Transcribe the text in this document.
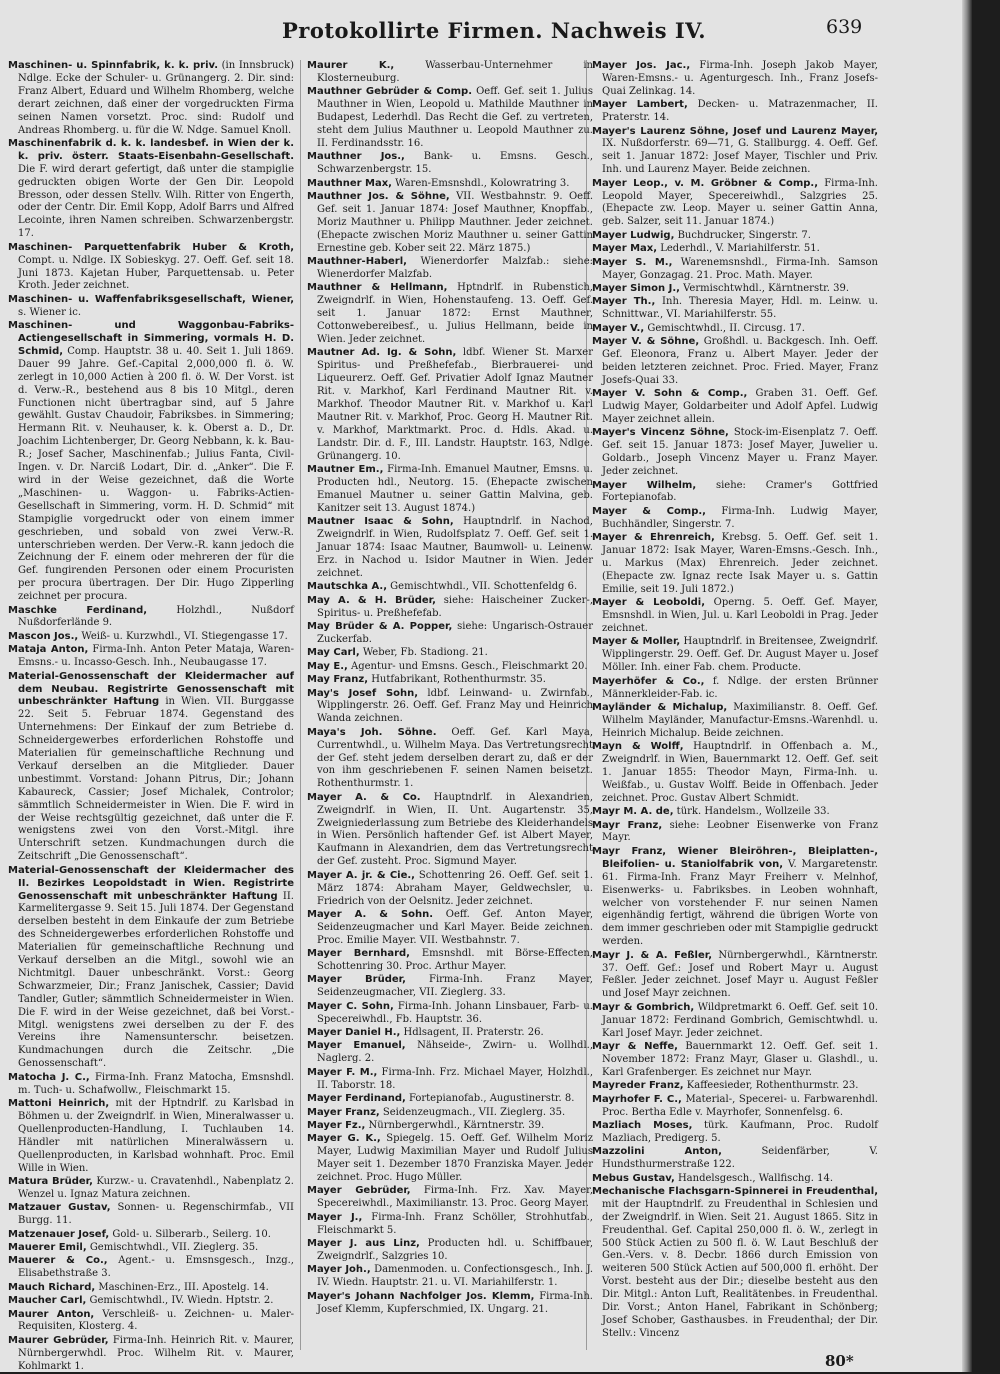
Protokollirte Firmen. Nachweis IV.	639

Maschinen- u. Spinnfabrik, k. k. priv. (in Innsbruck) Ndlge. Ecke der Schuler- u. Grünangerg. 2. Dir. sind: Franz Albert, Eduard und Wilhelm Rhomberg, welche derart zeichnen, daß einer der vorgedruckten Firma seinen Namen vorsetzt. Proc. sind: Rudolf und Andreas Rhomberg. u. für die W. Ndge. Samuel Knoll.

Maschinenfabrik d. k. k. landesbef. in Wien der k. k. priv. österr. Staats-Eisenbahn-Gesellschaft. Die F. wird derart gefertigt, daß unter die stampiglie gedruckten obigen Worte der Gen Dir. Leopold Bresson, oder dessen Stellv. Wilh. Ritter von Engerth, oder der Centr. Dir. Emil Kopp, Adolf Barrs und Alfred Lecointe, ihren Namen schreiben. Schwarzenbergstr. 17.

Maschinen- Parquettenfabrik Huber & Kroth, Compt. u. Ndlge. IX Sobieskyg. 27. Oeff. Gef. seit 18. Juni 1873. Kajetan Huber, Parquettensab. u. Peter Kroth. Jeder zeichnet.

Maschinen- u. Waffenfabriksgesellschaft, Wiener, s. Wiener ic.

Maschinen- und Waggonbau-Fabriks-Actiengesellschaft in Simmering, vormals H. D. Schmid, Comp. Hauptstr. 38 u. 40. Seit 1. Juli 1869. Dauer 99 Jahre. Gef.-Capital 2,000,000 fl. ö. W. zerlegt in 10,000 Actien à 200 fl. ö. W. Der Vorst. ist d. Verw.-R., bestehend aus 8 bis 10 Mitgl., deren Functionen nicht übertragbar sind, auf 5 Jahre gewählt. Gustav Chaudoir, Fabriksbes. in Simmering; Hermann Rit. v. Neuhauser, k. k. Oberst a. D., Dr. Joachim Lichtenberger, Dr. Georg Nebbann, k. k. Bau-R.; Josef Sacher, Maschinenfab.; Julius Fanta, Civil-Ingen. v. Dr. Narciß Lodart, Dir. d. „Anker“. Die F. wird in der Weise gezeichnet, daß die Worte „Maschinen- u. Waggon- u. Fabriks-Actien-Gesellschaft in Simmering, vorm. H. D. Schmid“ mit Stampiglie vorgedruckt oder von einem immer geschrieben, und sobald von zwei Verw.-R. unterschrieben werden. Der Verw.-R. kann jedoch die Zeichnung der F. einem oder mehreren der für die Gef. fungirenden Personen oder einem Procuristen per procura übertragen. Der Dir. Hugo Zipperling zeichnet per procura.

Maschke Ferdinand, Holzhdl., Nußdorf Nußdorferlände 9.

Mascon Jos., Weiß- u. Kurzwhdl., VI. Stiegengasse 17.

Mataja Anton, Firma-Inh. Anton Peter Mataja, Waren-Emsns.- u. Incasso-Gesch. Inh., Neubaugasse 17.

Material-Genossenschaft der Kleidermacher auf dem Neubau. Registrirte Genossenschaft mit unbeschränkter Haftung in Wien. VII. Burggasse 22. Seit 5. Februar 1874. Gegenstand des Unternehmens: Der Einkauf der zum Betriebe d. Schneidergewerbes erforderlichen Rohstoffe und Materialien für gemeinschaftliche Rechnung und Verkauf derselben an die Mitglieder. Dauer unbestimmt. Vorstand: Johann Pitrus, Dir.; Johann Kabaureck, Cassier; Josef Michalek, Controlor; sämmtlich Schneidermeister in Wien. Die F. wird in der Weise rechtsgültig gezeichnet, daß unter die F. wenigstens zwei von den Vorst.-Mitgl. ihre Unterschrift setzen. Kundmachungen durch die Zeitschrift „Die Genossenschaft“.

Material-Genossenschaft der Kleidermacher des II. Bezirkes Leopoldstadt in Wien. Registrirte Genossenschaft mit unbeschränkter Haftung II. Karmelitergasse 9. Seit 15. Juli 1874. Der Gegenstand derselben besteht in dem Einkaufe der zum Betriebe des Schneidergewerbes erforderlichen Rohstoffe und Materialien für gemeinschaftliche Rechnung und Verkauf derselben an die Mitgl., sowohl wie an Nichtmitgl. Dauer unbeschränkt. Vorst.: Georg Schwarzmeier, Dir.; Franz Janischek, Cassier; David Tandler, Gutler; sämmtlich Schneidermeister in Wien. Die F. wird in der Weise gezeichnet, daß bei Vorst.-Mitgl. wenigstens zwei derselben zu der F. des Vereins ihre Namensunterschr. beisetzen. Kundmachungen durch die Zeitschr. „Die Genossenschaft“.

Matocha J. C., Firma-Inh. Franz Matocha, Emsnshdl. m. Tuch- u. Schafwollw., Fleischmarkt 15.

Mattoni Heinrich, mit der Hptndrlf. zu Karlsbad in Böhmen u. der Zweigndrlf. in Wien, Mineralwasser u. Quellenproducten-Handlung, I. Tuchlauben 14. Händler mit natürlichen Mineralwässern u. Quellenproducten, in Karlsbad wohnhaft. Proc. Emil Wille in Wien.

Matura Brüder, Kurzw.- u. Cravatenhdl., Nabenplatz 2. Wenzel u. Ignaz Matura zeichnen.

Matzauer Gustav, Sonnen- u. Regenschirmfab., VII Burgg. 11.

Matzenauer Josef, Gold- u. Silberarb., Seilerg. 10.

Mauerer Emil, Gemischtwhdl., VII. Zieglerg. 35.

Mauerer & Co., Agent.- u. Emsnsgesch., Inzg., Elisabethstraße 3.

Mauch Richard, Maschinen-Erz., III. Apostelg. 14.

Maucher Carl, Gemischtwhdl., IV. Wiedn. Hptstr. 2.

Maurer Anton, Verschleiß- u. Zeichnen- u. Maler-Requisiten, Klosterg. 4.

Maurer Gebrüder, Firma-Inh. Heinrich Rit. v. Maurer, Nürnbergerwhdl. Proc. Wilhelm Rit. v. Maurer, Kohlmarkt 1.

Maurer K., Wasserbau-Unternehmer in Klosterneuburg.

Mauthner Gebrüder & Comp. Oeff. Gef. seit 1. Julius Mauthner in Wien, Leopold u. Mathilde Mauthner in Budapest, Lederhdl. Das Recht die Gef. zu vertreten, steht dem Julius Mauthner u. Leopold Mauthner zu. II. Ferdinandsstr. 16.

Mauthner Jos., Bank- u. Emsns. Gesch., Schwarzenbergstr. 15.

Mauthner Max, Waren-Emsnshdl., Kolowratring 3.

Mauthner Jos. & Söhne, VII. Westbahnstr. 9. Oeff. Gef. seit 1. Januar 1874: Josef Mauthner, Knopffab., Moriz Mauthner u. Philipp Mauthner. Jeder zeichnet. (Ehepacte zwischen Moriz Mauthner u. seiner Gattin Ernestine geb. Kober seit 22. März 1875.)

Mauthner-Haberl, Wienerdorfer Malzfab.: siehe: Wienerdorfer Malzfab.

Mauthner & Hellmann, Hptndrlf. in Rubenstich, Zweigndrlf. in Wien, Hohenstaufeng. 13. Oeff. Gef. seit 1. Januar 1872: Ernst Mauthner, Cottonwebereibesf., u. Julius Hellmann, beide in Wien. Jeder zeichnet.

Mautner Ad. Ig. & Sohn, ldbf. Wiener St. Marxer Spiritus- und Preßhefefab., Bierbrauerei- und Liqueurerz. Oeff. Gef. Privatier Adolf Ignaz Mautner Rit. v. Markhof, Karl Ferdinand Mautner Rit. v. Markhof. Theodor Mautner Rit. v. Markhof u. Karl Mautner Rit. v. Markhof, Proc. Georg H. Mautner Rit. v. Markhof, Marktmarkt. Proc. d. Hdls. Akad. u. Landstr. Dir. d. F., III. Landstr. Hauptstr. 163, Ndlge. Grünangerg. 10.

Mautner Em., Firma-Inh. Emanuel Mautner, Emsns. u. Producten hdl., Neutorg. 15. (Ehepacte zwischen Emanuel Mautner u. seiner Gattin Malvina, geb. Kanitzer seit 13. August 1874.)

Mautner Isaac & Sohn, Hauptndrlf. in Nachod, Zweigndrlf. in Wien, Rudolfsplatz 7. Oeff. Gef. seit 1. Januar 1874: Isaac Mautner, Baumwoll- u. Leinenw. Erz. in Nachod u. Isidor Mautner in Wien. Jeder zeichnet.

Mautschka A., Gemischtwhdl., VII. Schottenfeldg 6.

May A. & H. Brüder, siehe: Haischeiner Zucker-, Spiritus- u. Preßhefefab.

May Brüder & A. Popper, siehe: Ungarisch-Ostrauer Zuckerfab.

May Carl, Weber, Fb. Stadiong. 21.

May E., Agentur- und Emsns. Gesch., Fleischmarkt 20.

May Franz, Hutfabrikant, Rothenthurmstr. 35.

May's Josef Sohn, ldbf. Leinwand- u. Zwirnfab., Wipplingerstr. 26. Oeff. Gef. Franz May und Heinrich Wanda zeichnen.

Maya's Joh. Söhne. Oeff. Gef. Karl Maya, Currentwhdl., u. Wilhelm Maya. Das Vertretungsrecht der Gef. steht jedem derselben derart zu, daß er der von ihm geschriebenen F. seinen Namen beisetzt. Rothenthurmstr. 1.

Mayer A. & Co. Hauptndrlf. in Alexandrien, Zweigndrlf. in Wien, II. Unt. Augartenstr. 35, Zweigniederlassung zum Betriebe des Kleiderhandels in Wien. Persönlich haftender Gef. ist Albert Mayer, Kaufmann in Alexandrien, dem das Vertretungsrecht der Gef. zusteht. Proc. Sigmund Mayer.

Mayer A. jr. & Cie., Schottenring 26. Oeff. Gef. seit 1. März 1874: Abraham Mayer, Geldwechsler, u. Friedrich von der Oelsnitz. Jeder zeichnet.

Mayer A. & Sohn. Oeff. Gef. Anton Mayer, Seidenzeugmacher und Karl Mayer. Beide zeichnen. Proc. Emilie Mayer. VII. Westbahnstr. 7.

Mayer Bernhard, Emsnshdl. mit Börse-Effecten, Schottenring 30. Proc. Arthur Mayer.

Mayer Brüder, Firma-Inh. Franz Mayer, Seidenzeugmacher, VII. Zieglerg. 33.

Mayer C. Sohn, Firma-Inh. Johann Linsbauer, Farb- u. Specereiwhdl., Fb. Hauptstr. 36.

Mayer Daniel H., Hdlsagent, II. Praterstr. 26.

Mayer Emanuel, Nähseide-, Zwirn- u. Wollhdl., Naglerg. 2.

Mayer F. M., Firma-Inh. Frz. Michael Mayer, Holzhdl., II. Taborstr. 18.

Mayer Ferdinand, Fortepianofab., Augustinerstr. 8.

Mayer Franz, Seidenzeugmach., VII. Zieglerg. 35.

Mayer Fz., Nürnbergerwhdl., Kärntnerstr. 39.

Mayer G. K., Spiegelg. 15. Oeff. Gef. Wilhelm Moriz Mayer, Ludwig Maximilian Mayer und Rudolf Julius Mayer seit 1. Dezember 1870 Franziska Mayer. Jeder zeichnet. Proc. Hugo Müller.

Mayer Gebrüder, Firma-Inh. Frz. Xav. Mayer, Specereiwhdl., Maximilianstr. 13. Proc. Georg Mayer.

Mayer J., Firma-Inh. Franz Schöller, Strohhutfab., Fleischmarkt 5.

Mayer J. aus Linz, Producten hdl. u. Schiffbauer, Zweigndrlf., Salzgries 10.

Mayer Joh., Damenmoden. u. Confectionsgesch., Inh. J. IV. Wiedn. Hauptstr. 21. u. VI. Mariahilferstr. 1.

Mayer's Johann Nachfolger Jos. Klemm, Firma-Inh. Josef Klemm, Kupferschmied, IX. Ungarg. 21.

Mayer Jos. Jac., Firma-Inh. Joseph Jakob Mayer, Waren-Emsns.- u. Agenturgesch. Inh., Franz Josefs-Quai Zelinkag. 14.

Mayer Lambert, Decken- u. Matrazenmacher, II. Praterstr. 14.

Mayer's Laurenz Söhne, Josef und Laurenz Mayer, IX. Nußdorferstr. 69—71, G. Stallburgg. 4. Oeff. Gef. seit 1. Januar 1872: Josef Mayer, Tischler und Priv. Inh. und Laurenz Mayer. Beide zeichnen.

Mayer Leop., v. M. Gröbner & Comp., Firma-Inh. Leopold Mayer, Specereiwhdl., Salzgries 25. (Ehepacte zw. Leop. Mayer u. seiner Gattin Anna, geb. Salzer, seit 11. Januar 1874.)

Mayer Ludwig, Buchdrucker, Singerstr. 7.

Mayer Max, Lederhdl., V. Mariahilferstr. 51.

Mayer S. M., Warenemsnshdl., Firma-Inh. Samson Mayer, Gonzagag. 21. Proc. Math. Mayer.

Mayer Simon J., Vermischtwhdl., Kärntnerstr. 39.

Mayer Th., Inh. Theresia Mayer, Hdl. m. Leinw. u. Schnittwar., VI. Mariahilferstr. 55.

Mayer V., Gemischtwhdl., II. Circusg. 17.

Mayer V. & Söhne, Großhdl. u. Backgesch. Inh. Oeff. Gef. Eleonora, Franz u. Albert Mayer. Jeder der beiden letzteren zeichnet. Proc. Fried. Mayer, Franz Josefs-Quai 33.

Mayer V. Sohn & Comp., Graben 31. Oeff. Gef. Ludwig Mayer, Goldarbeiter und Adolf Apfel. Ludwig Mayer zeichnet allein.

Mayer's Vincenz Söhne, Stock-im-Eisenplatz 7. Oeff. Gef. seit 15. Januar 1873: Josef Mayer, Juwelier u. Goldarb., Joseph Vincenz Mayer u. Franz Mayer. Jeder zeichnet.

Mayer Wilhelm, siehe: Cramer's Gottfried Fortepianofab.

Mayer & Comp., Firma-Inh. Ludwig Mayer, Buchhändler, Singerstr. 7.

Mayer & Ehrenreich, Krebsg. 5. Oeff. Gef. seit 1. Januar 1872: Isak Mayer, Waren-Emsns.-Gesch. Inh., u. Markus (Max) Ehrenreich. Jeder zeichnet. (Ehepacte zw. Ignaz recte Isak Mayer u. s. Gattin Emilie, seit 19. Juli 1872.)

Mayer & Leoboldi, Operng. 5. Oeff. Gef. Mayer, Emsnshdl. in Wien, Jul. u. Karl Leoboldi in Prag. Jeder zeichnet.

Mayer & Moller, Hauptndrlf. in Breitensee, Zweigndrlf. Wipplingerstr. 29. Oeff. Gef. Dr. August Mayer u. Josef Möller. Inh. einer Fab. chem. Producte.

Mayerhöfer & Co., f. Ndlge. der ersten Brünner Männerkleider-Fab. ic.

Mayländer & Michalup, Maximilianstr. 8. Oeff. Gef. Wilhelm Mayländer, Manufactur-Emsns.-Warenhdl. u. Heinrich Michalup. Beide zeichnen.

Mayn & Wolff, Hauptndrlf. in Offenbach a. M., Zweigndrlf. in Wien, Bauernmarkt 12. Oeff. Gef. seit 1. Januar 1855: Theodor Mayn, Firma-Inh. u. Weißfab., u. Gustav Wolff. Beide in Offenbach. Jeder zeichnet. Proc. Gustav Albert Schmidt.

Mayr M. A. de, türk. Handelsm., Wollzeile 33.

Mayr Franz, siehe: Leobner Eisenwerke von Franz Mayr.

Mayr Franz, Wiener Bleiröhren-, Bleiplatten-, Bleifolien- u. Staniolfabrik von, V. Margaretenstr. 61. Firma-Inh. Franz Mayr Freiherr v. Melnhof, Eisenwerks- u. Fabriksbes. in Leoben wohnhaft, welcher von vorstehender F. nur seinen Namen eigenhändig fertigt, während die übrigen Worte von dem immer geschrieben oder mit Stampiglie gedruckt werden.

Mayr J. & A. Feßler, Nürnbergerwhdl., Kärntnerstr. 37. Oeff. Gef.: Josef und Robert Mayr u. August Feßler. Jeder zeichnet. Josef Mayr u. August Feßler und Josef Mayr zeichnen.

Mayr & Gombrich, Wildpretmarkt 6. Oeff. Gef. seit 10. Januar 1872: Ferdinand Gombrich, Gemischtwhdl. u. Karl Josef Mayr. Jeder zeichnet.

Mayr & Neffe, Bauernmarkt 12. Oeff. Gef. seit 1. November 1872: Franz Mayr, Glaser u. Glashdl., u. Karl Grafenberger. Es zeichnet nur Mayr.

Mayreder Franz, Kaffeesieder, Rothenthurmstr. 23.

Mayrhofer F. C., Material-, Specerei- u. Farbwarenhdl. Proc. Bertha Edle v. Mayrhofer, Sonnenfelsg. 6.

Mazliach Moses, türk. Kaufmann, Proc. Rudolf Mazliach, Predigerg. 5.

Mazzolini Anton, Seidenfärber, V. Hundsthurmerstraße 122.

Mebus Gustav, Handelsgesch., Wallfischg. 14.

Mechanische Flachsgarn-Spinnerei in Freudenthal, mit der Hauptndrlf. zu Freudenthal in Schlesien und der Zweigndrlf. in Wien. Seit 21. August 1865. Sitz in Freudenthal. Gef. Capital 250,000 fl. ö. W., zerlegt in 500 Stück Actien zu 500 fl. ö. W. Laut Beschluß der Gen.-Vers. v. 8. Decbr. 1866 durch Emission von weiteren 500 Stück Actien auf 500,000 fl. erhöht. Der Vorst. besteht aus der Dir.; dieselbe besteht aus den Dir. Mitgl.: Anton Luft, Realitätenbes. in Freudenthal. Dir. Vorst.; Anton Hanel, Fabrikant in Schönberg; Josef Schober, Gasthausbes. in Freudenthal; der Dir. Stellv.: Vincenz

80*
